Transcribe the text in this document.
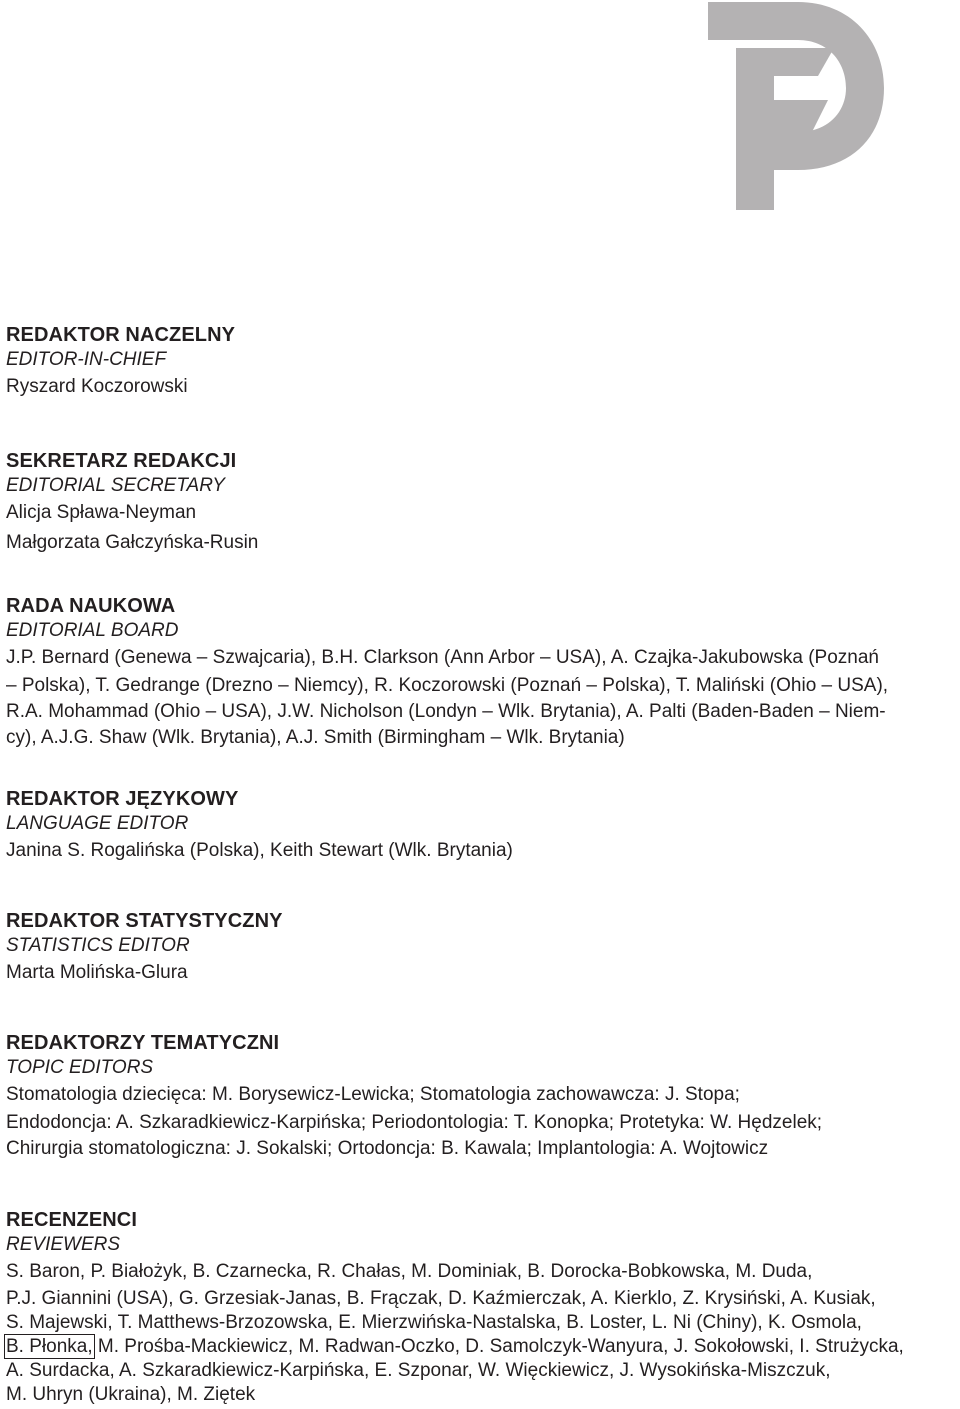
REDAKTOR NACZELNY

EDITOR-IN-CHIEF

Ryszard Koczorowski

SEKRETARZ REDAKCJI

EDITORIAL SECRETARY

Alicja Spława-Neyman

Małgorzata Gałczyńska-Rusin

RADA NAUKOWA

EDITORIAL BOARD

J.P. Bernard (Genewa – Szwajcaria), B.H. Clarkson (Ann Arbor – USA), A. Czajka-Jakubowska (Poznań

– Polska), T. Gedrange (Drezno – Niemcy), R. Koczorowski (Poznań – Polska), T. Maliński (Ohio – USA),

R.A. Mohammad (Ohio – USA), J.W. Nicholson (Londyn – Wlk. Brytania), A. Palti (Baden-Baden – Niem-

cy), A.J.G. Shaw (Wlk. Brytania), A.J. Smith (Birmingham – Wlk. Brytania)

REDAKTOR JĘZYKOWY

LANGUAGE EDITOR

Janina S. Rogalińska (Polska), Keith Stewart (Wlk. Brytania)

REDAKTOR STATYSTYCZNY

STATISTICS EDITOR

Marta Molińska-Glura

REDAKTORZY TEMATYCZNI

TOPIC EDITORS

Stomatologia dziecięca: M. Borysewicz-Lewicka; Stomatologia zachowawcza: J. Stopa;

Endodoncja: A. Szkaradkiewicz-Karpińska; Periodontologia: T. Konopka; Protetyka: W. Hędzelek;

Chirurgia stomatologiczna: J. Sokalski; Ortodoncja: B. Kawala; Implantologia: A. Wojtowicz

RECENZENCI

REVIEWERS

S. Baron, P. Białożyk, B. Czarnecka, R. Chałas, M. Dominiak, B. Dorocka-Bobkowska, M. Duda,

P.J. Giannini (USA), G. Grzesiak-Janas, B. Frączak, D. Kaźmierczak, A. Kierklo, Z. Krysiński, A. Kusiak,

S. Majewski, T. Matthews-Brzozowska, E. Mierzwińska-Nastalska, B. Loster, L. Ni (Chiny), K. Osmola,

B. Płonka, M. Prośba-Mackiewicz, M. Radwan-Oczko, D. Samolczyk-Wanyura, J. Sokołowski, I. Strużycka,

A. Surdacka, A. Szkaradkiewicz-Karpińska, E. Szponar, W. Więckiewicz, J. Wysokińska-Miszczuk,

M. Uhryn (Ukraina), M. Ziętek
